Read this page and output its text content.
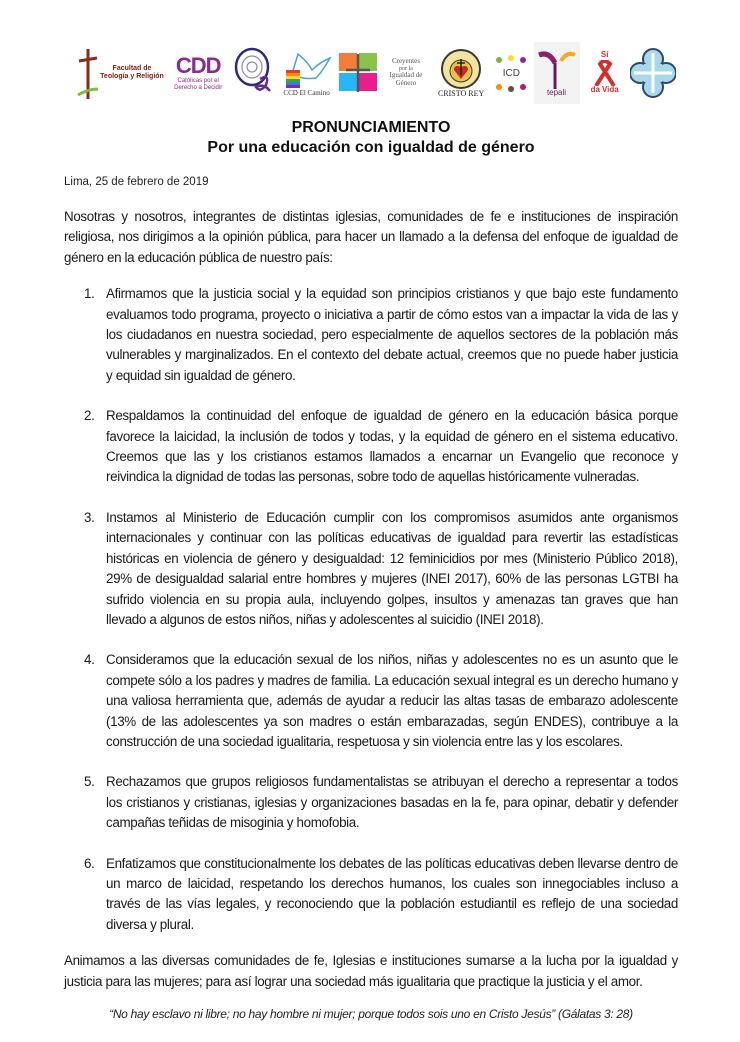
Facultad de
Teología y Religión CDD
Católicas por el
Derecho a Decidir
CCD El Camino
Creyentes
por la
Igualdad de
Género
CRISTO REY
ICD
tepali
Sí
da Vida
PRONUNCIAMIENTO
Por una educación con igualdad de género
Lima, 25 de febrero de 2019
Nosotras y nosotros, integrantes de distintas iglesias, comunidades de fe e instituciones de inspiración religiosa, nos dirigimos a la opinión pública, para hacer un llamado a la defensa del enfoque de igualdad de género en la educación pública de nuestro país:
1. Afirmamos que la justicia social y la equidad son principios cristianos y que bajo este fundamento evaluamos todo programa, proyecto o iniciativa a partir de cómo estos van a impactar la vida de las y los ciudadanos en nuestra sociedad, pero especialmente de aquellos sectores de la población más vulnerables y marginalizados. En el contexto del debate actual, creemos que no puede haber justicia y equidad sin igualdad de género.
2. Respaldamos la continuidad del enfoque de igualdad de género en la educación básica porque favorece la laicidad, la inclusión de todos y todas, y la equidad de género en el sistema educativo. Creemos que las y los cristianos estamos llamados a encarnar un Evangelio que reconoce y reivindica la dignidad de todas las personas, sobre todo de aquellas históricamente vulneradas.
3. Instamos al Ministerio de Educación cumplir con los compromisos asumidos ante organismos internacionales y continuar con las políticas educativas de igualdad para revertir las estadísticas históricas en violencia de género y desigualdad: 12 feminicidios por mes (Ministerio Público 2018), 29% de desigualdad salarial entre hombres y mujeres (INEI 2017), 60% de las personas LGTBI ha sufrido violencia en su propia aula, incluyendo golpes, insultos y amenazas tan graves que han llevado a algunos de estos niños, niñas y adolescentes al suicidio (INEI 2018).
4. Consideramos que la educación sexual de los niños, niñas y adolescentes no es un asunto que le compete sólo a los padres y madres de familia. La educación sexual integral es un derecho humano y una valiosa herramienta que, además de ayudar a reducir las altas tasas de embarazo adolescente (13% de las adolescentes ya son madres o están embarazadas, según ENDES), contribuye a la construcción de una sociedad igualitaria, respetuosa y sin violencia entre las y los escolares.
5. Rechazamos que grupos religiosos fundamentalistas se atribuyan el derecho a representar a todos los cristianos y cristianas, iglesias y organizaciones basadas en la fe, para opinar, debatir y defender campañas teñidas de misoginia y homofobia.
6. Enfatizamos que constitucionalmente los debates de las políticas educativas deben llevarse dentro de un marco de laicidad, respetando los derechos humanos, los cuales son innegociables incluso a través de las vías legales, y reconociendo que la población estudiantil es reflejo de una sociedad diversa y plural.
Animamos a las diversas comunidades de fe, Iglesias e instituciones sumarse a la lucha por la igualdad y justicia para las mujeres; para así lograr una sociedad más igualitaria que practique la justicia y el amor.
“No hay esclavo ni libre; no hay hombre ni mujer; porque todos sois uno en Cristo Jesús” (Gálatas 3: 28)
